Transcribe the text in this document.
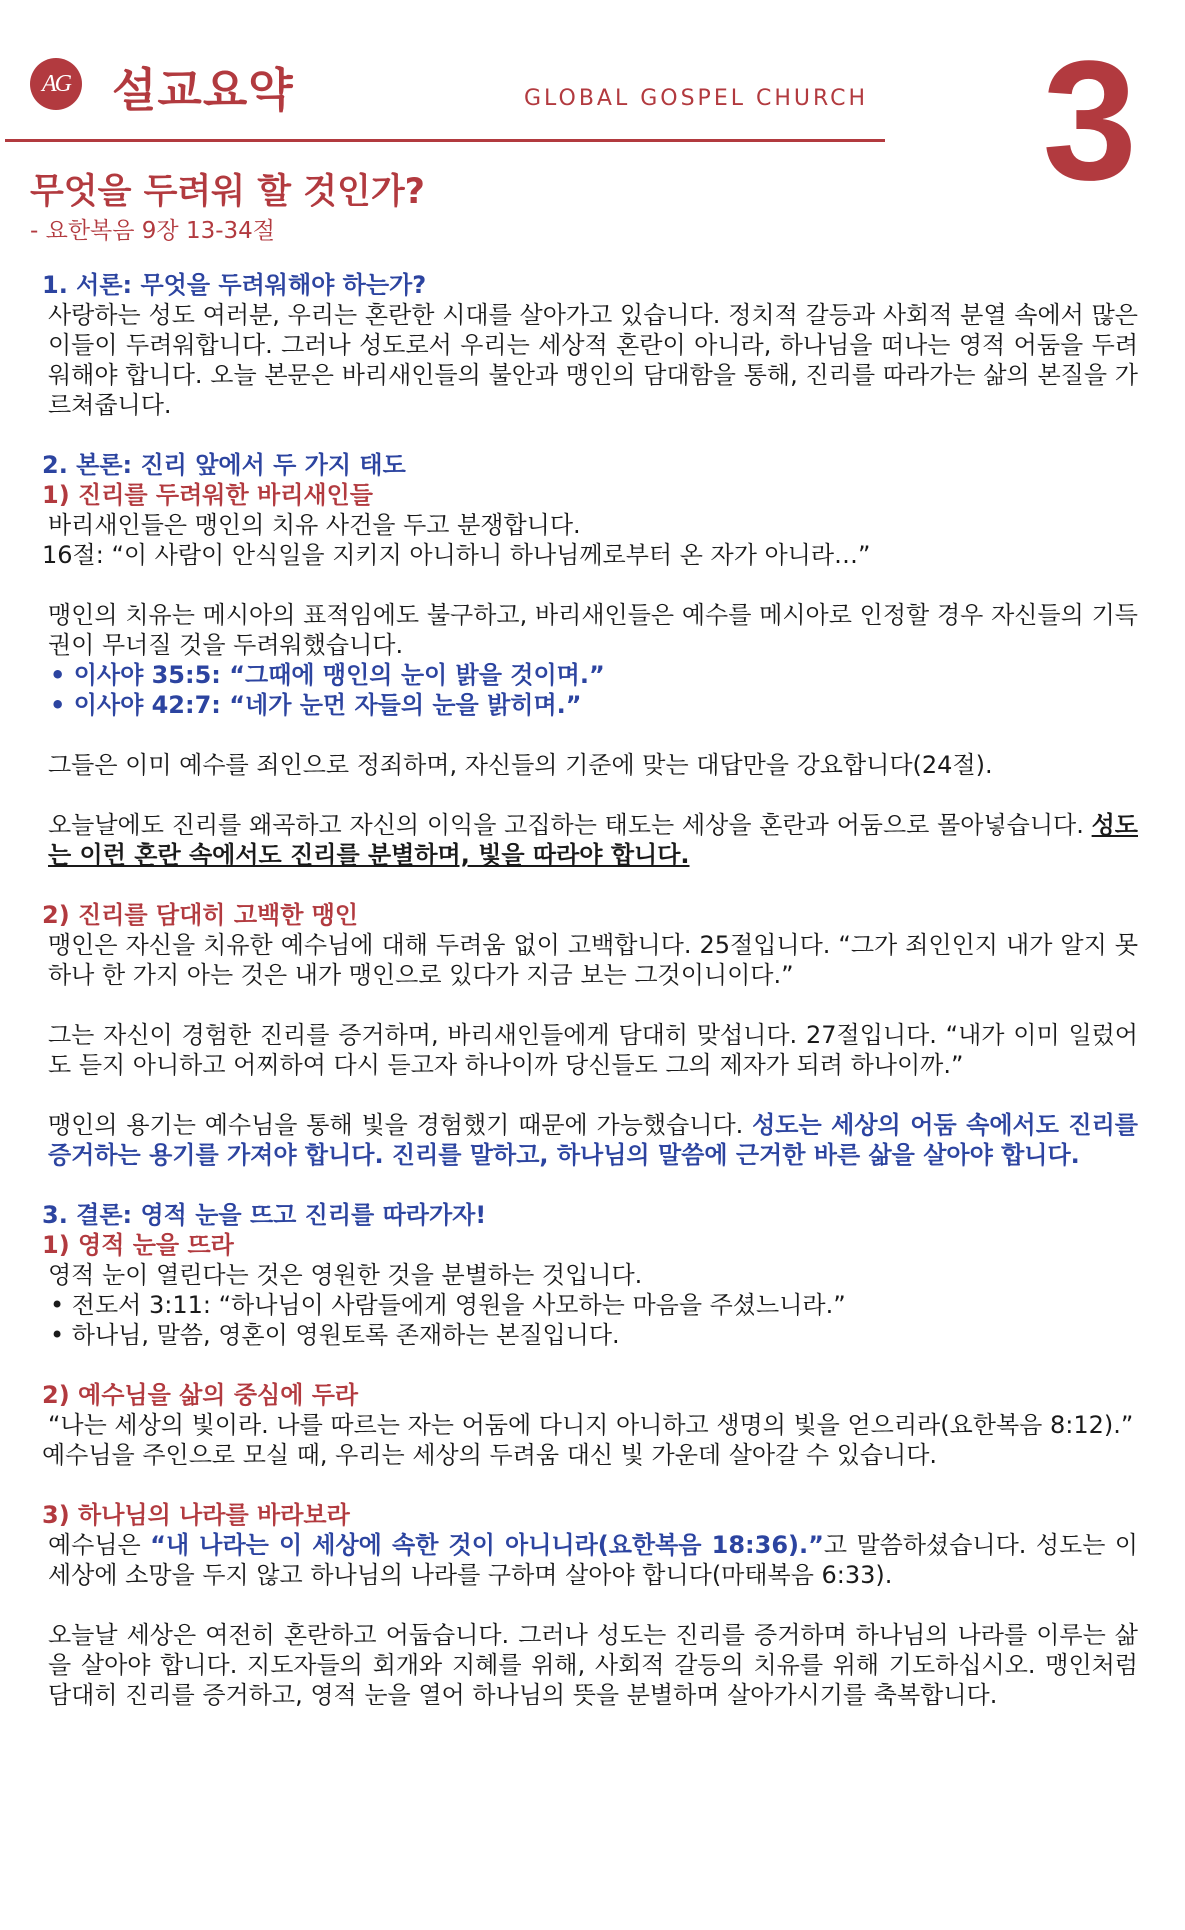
AG 설교요약	GLOBAL GOSPEL CHURCH 3
무엇을 두려워 할 것인가?
- 요한복음 9장 13-34절

1. 서론: 무엇을 두려워해야 하는가?

사랑하는 성도 여러분, 우리는 혼란한 시대를 살아가고 있습니다. 정치적 갈등과 사회적 분열 속에서 많은 이들이 두려워합니다. 그러나 성도로서 우리는 세상적 혼란이 아니라, 하나님을 떠나는 영적 어둠을 두려워해야 합니다. 오늘 본문은 바리새인들의 불안과 맹인의 담대함을 통해, 진리를 따라가는 삶의 본질을 가르쳐줍니다.

2. 본론: 진리 앞에서 두 가지 태도

1) 진리를 두려워한 바리새인들

바리새인들은 맹인의 치유 사건을 두고 분쟁합니다.

16절: “이 사람이 안식일을 지키지 아니하니 하나님께로부터 온 자가 아니라…”

맹인의 치유는 메시아의 표적임에도 불구하고, 바리새인들은 예수를 메시아로 인정할 경우 자신들의 기득권이 무너질 것을 두려워했습니다.

• 이사야 35:5: “그때에 맹인의 눈이 밝을 것이며.”

• 이사야 42:7: “네가 눈먼 자들의 눈을 밝히며.”

그들은 이미 예수를 죄인으로 정죄하며, 자신들의 기준에 맞는 대답만을 강요합니다(24절).

오늘날에도 진리를 왜곡하고 자신의 이익을 고집하는 태도는 세상을 혼란과 어둠으로 몰아넣습니다. 성도는 이런 혼란 속에서도 진리를 분별하며, 빛을 따라야 합니다.

2) 진리를 담대히 고백한 맹인

맹인은 자신을 치유한 예수님에 대해 두려움 없이 고백합니다. 25절입니다. “그가 죄인인지 내가 알지 못하나 한 가지 아는 것은 내가 맹인으로 있다가 지금 보는 그것이니이다.”

그는 자신이 경험한 진리를 증거하며, 바리새인들에게 담대히 맞섭니다. 27절입니다. “내가 이미 일렀어도 듣지 아니하고 어찌하여 다시 듣고자 하나이까 당신들도 그의 제자가 되려 하나이까.”

맹인의 용기는 예수님을 통해 빛을 경험했기 때문에 가능했습니다. 성도는 세상의 어둠 속에서도 진리를 증거하는 용기를 가져야 합니다. 진리를 말하고, 하나님의 말씀에 근거한 바른 삶을 살아야 합니다.

3. 결론: 영적 눈을 뜨고 진리를 따라가자!

1) 영적 눈을 뜨라

영적 눈이 열린다는 것은 영원한 것을 분별하는 것입니다.

• 전도서 3:11: “하나님이 사람들에게 영원을 사모하는 마음을 주셨느니라.”

• 하나님, 말씀, 영혼이 영원토록 존재하는 본질입니다.

2) 예수님을 삶의 중심에 두라

“나는 세상의 빛이라. 나를 따르는 자는 어둠에 다니지 아니하고 생명의 빛을 얻으리라(요한복음 8:12).”

예수님을 주인으로 모실 때, 우리는 세상의 두려움 대신 빛 가운데 살아갈 수 있습니다.

3) 하나님의 나라를 바라보라

예수님은 “내 나라는 이 세상에 속한 것이 아니니라(요한복음 18:36).”고 말씀하셨습니다. 성도는 이 세상에 소망을 두지 않고 하나님의 나라를 구하며 살아야 합니다(마태복음 6:33).

오늘날 세상은 여전히 혼란하고 어둡습니다. 그러나 성도는 진리를 증거하며 하나님의 나라를 이루는 삶을 살아야 합니다. 지도자들의 회개와 지혜를 위해, 사회적 갈등의 치유를 위해 기도하십시오. 맹인처럼 담대히 진리를 증거하고, 영적 눈을 열어 하나님의 뜻을 분별하며 살아가시기를 축복합니다.
